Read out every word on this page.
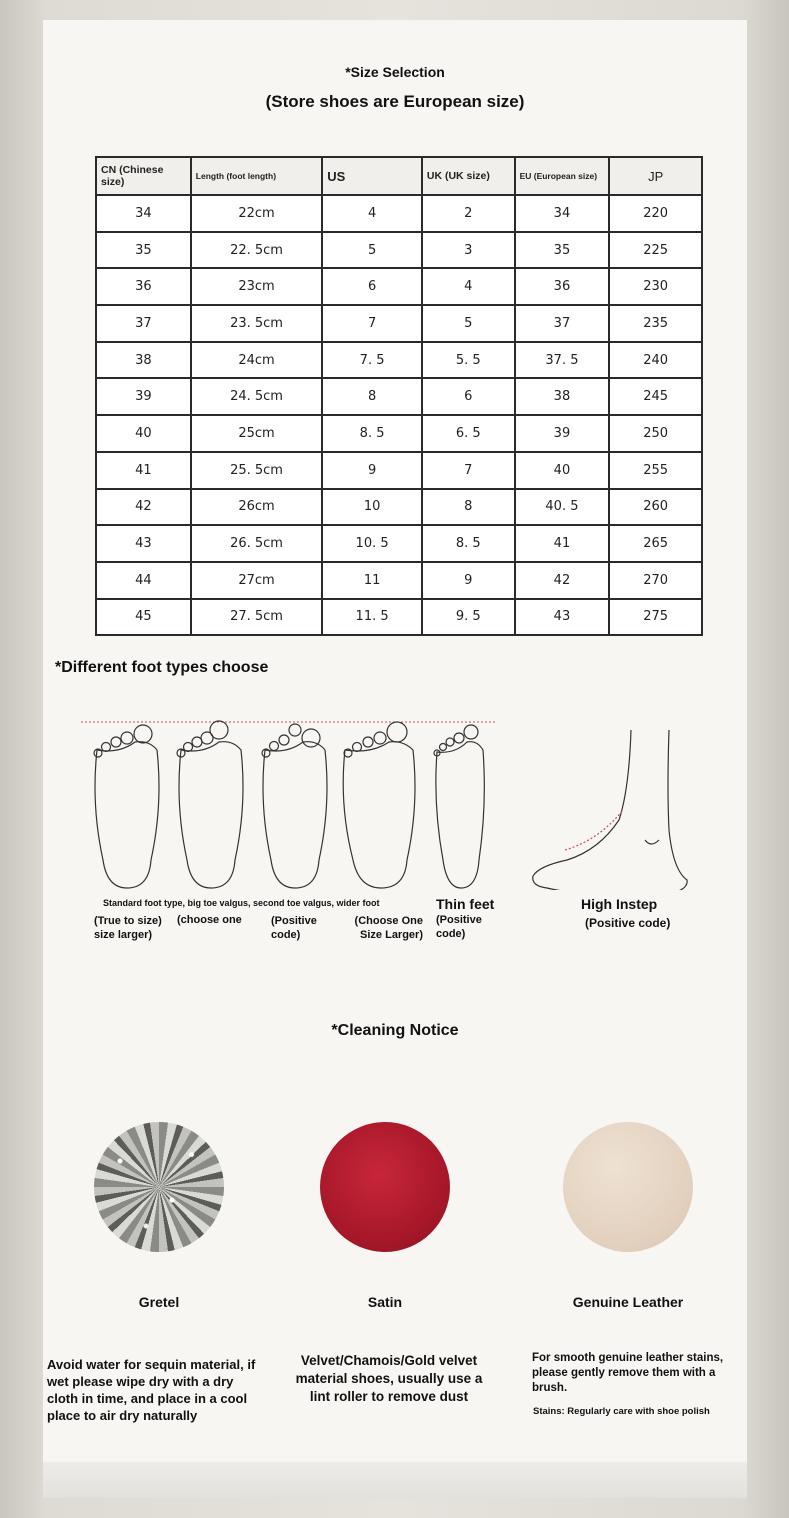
*Size Selection
(Store shoes are European size)
CN (Chinese size)	Length (foot length)	US	UK (UK size)	EU (European size)	JP
34	22cm	4	2	34	220
35	22. 5cm	5	3	35	225
36	23cm	6	4	36	230
37	23. 5cm	7	5	37	235
38	24cm	7. 5	5. 5	37. 5	240
39	24. 5cm	8	6	38	245
40	25cm	8. 5	6. 5	39	250
41	25. 5cm	9	7	40	255
42	26cm	10	8	40. 5	260
43	26. 5cm	10. 5	8. 5	41	265
44	27cm	11	9	42	270
45	27. 5cm	11. 5	9. 5	43	275
*Different foot types choose
Standard foot type, big toe valgus, second toe valgus, wider foot
(True to size)
size larger)
(choose one	(Positive code)
(Choose One Size Larger)
Thin feet
(Positive code)
High Instep
(Positive code)
*Cleaning Notice
Gretel	Satin	Genuine Leather
Avoid water for sequin material, if wet please wipe dry with a dry cloth in time, and place in a cool place to air dry naturally
Velvet/Chamois/Gold velvet material shoes, usually use a lint roller to remove dust
For smooth genuine leather stains, please gently remove them with a brush.
Stains: Regularly care with shoe polish
